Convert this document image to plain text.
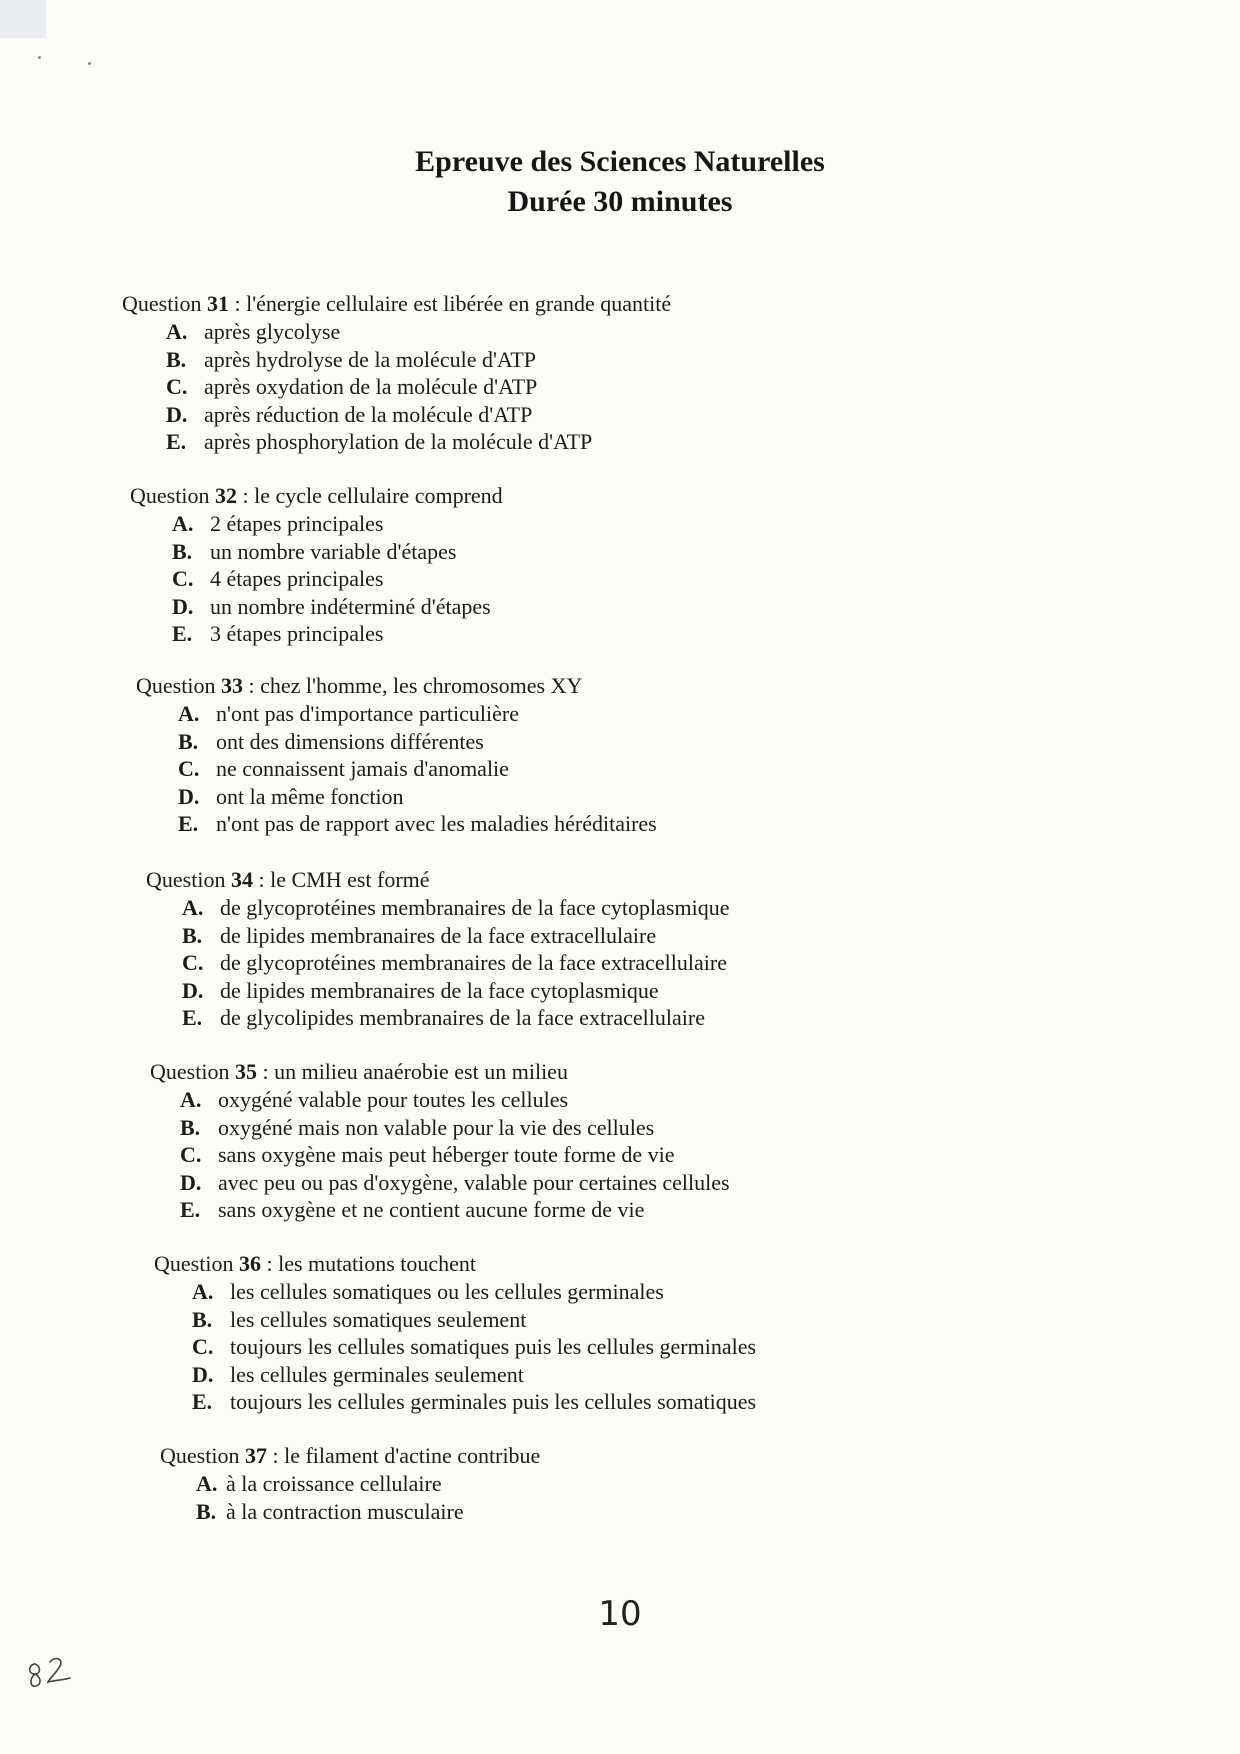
Epreuve des Sciences Naturelles
Durée 30 minutes
Question 31 : l'énergie cellulaire est libérée en grande quantité
A. après glycolyse
B. après hydrolyse de la molécule d'ATP
C. après oxydation de la molécule d'ATP
D. après réduction de la molécule d'ATP
E. après phosphorylation de la molécule d'ATP
Question 32 : le cycle cellulaire comprend
A. 2 étapes principales
B. un nombre variable d'étapes
C. 4 étapes principales
D. un nombre indéterminé d'étapes
E. 3 étapes principales
Question 33 : chez l'homme, les chromosomes XY
A. n'ont pas d'importance particulière
B. ont des dimensions différentes
C. ne connaissent jamais d'anomalie
D. ont la même fonction
E. n'ont pas de rapport avec les maladies héréditaires
Question 34 : le CMH est formé
A. de glycoprotéines membranaires de la face cytoplasmique
B. de lipides membranaires de la face extracellulaire
C. de glycoprotéines membranaires de la face extracellulaire
D. de lipides membranaires de la face cytoplasmique
E. de glycolipides membranaires de la face extracellulaire
Question 35 : un milieu anaérobie est un milieu
A. oxygéné valable pour toutes les cellules
B. oxygéné mais non valable pour la vie des cellules
C. sans oxygène mais peut héberger toute forme de vie
D. avec peu ou pas d'oxygène, valable pour certaines cellules
E. sans oxygène et ne contient aucune forme de vie
Question 36 : les mutations touchent
A. les cellules somatiques ou les cellules germinales
B. les cellules somatiques seulement
C. toujours les cellules somatiques puis les cellules germinales
D. les cellules germinales seulement
E. toujours les cellules germinales puis les cellules somatiques
Question 37 : le filament d'actine contribue
A. à la croissance cellulaire
B. à la contraction musculaire
10
